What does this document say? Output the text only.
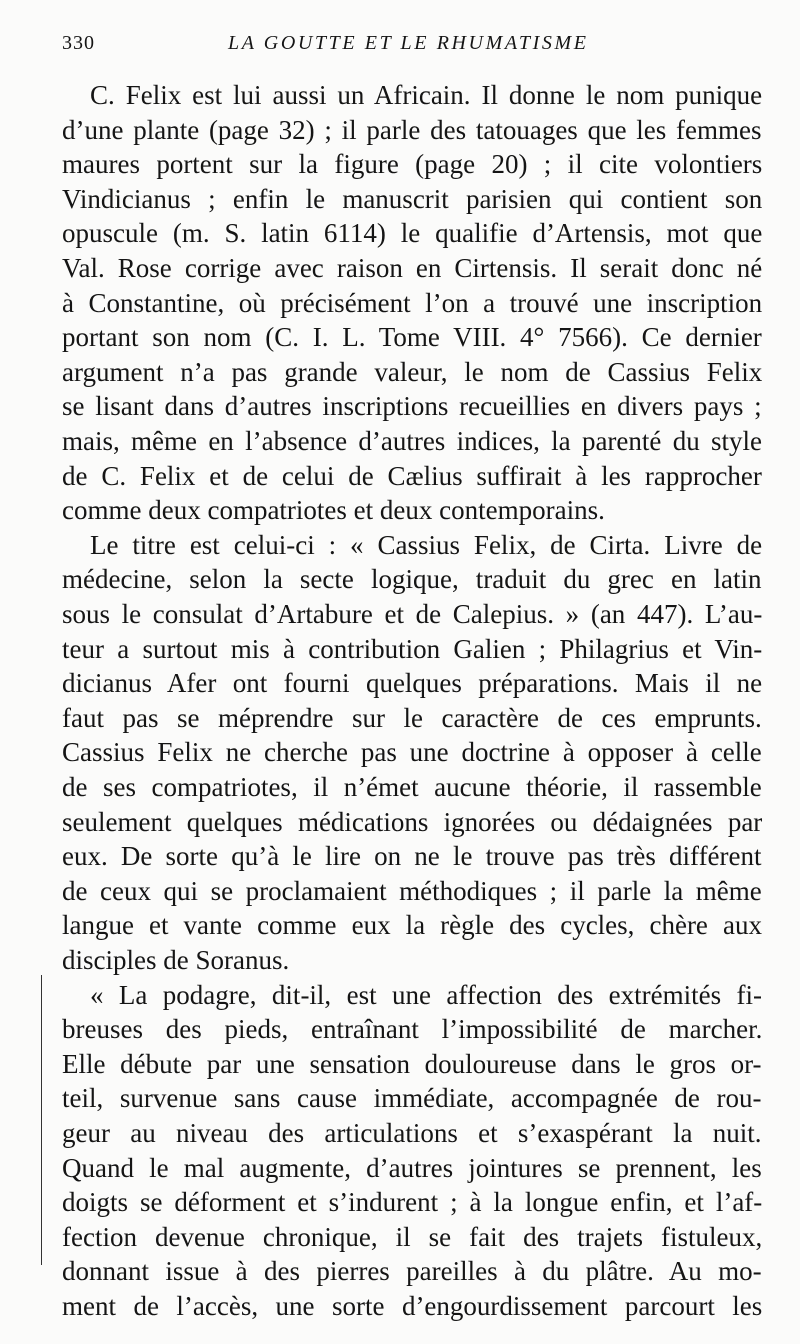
330	LA GOUTTE ET LE RHUMATISME
C. Felix est lui aussi un Africain. Il donne le nom punique
d’une plante (page 32) ; il parle des tatouages que les femmes
maures portent sur la figure (page 20) ; il cite volontiers
Vindicianus ; enfin le manuscrit parisien qui contient son
opuscule (m. S. latin 6114) le qualifie d’Artensis, mot que
Val. Rose corrige avec raison en Cirtensis. Il serait donc né
à Constantine, où précisément l’on a trouvé une inscription
portant son nom (C. I. L. Tome VIII. 4° 7566). Ce dernier
argument n’a pas grande valeur, le nom de Cassius Felix
se lisant dans d’autres inscriptions recueillies en divers pays ;
mais, même en l’absence d’autres indices, la parenté du style
de C. Felix et de celui de Cælius suffirait à les rapprocher
comme deux compatriotes et deux contemporains.
Le titre est celui-ci : « Cassius Felix, de Cirta. Livre de
médecine, selon la secte logique, traduit du grec en latin
sous le consulat d’Artabure et de Calepius. » (an 447). L’au-
teur a surtout mis à contribution Galien ; Philagrius et Vin-
dicianus Afer ont fourni quelques préparations. Mais il ne
faut pas se méprendre sur le caractère de ces emprunts.
Cassius Felix ne cherche pas une doctrine à opposer à celle
de ses compatriotes, il n’émet aucune théorie, il rassemble
seulement quelques médications ignorées ou dédaignées par
eux. De sorte qu’à le lire on ne le trouve pas très différent
de ceux qui se proclamaient méthodiques ; il parle la même
langue et vante comme eux la règle des cycles, chère aux
disciples de Soranus.
« La podagre, dit-il, est une affection des extrémités fi-
breuses des pieds, entraînant l’impossibilité de marcher.
Elle débute par une sensation douloureuse dans le gros or-
teil, survenue sans cause immédiate, accompagnée de rou-
geur au niveau des articulations et s’exaspérant la nuit.
Quand le mal augmente, d’autres jointures se prennent, les
doigts se déforment et s’indurent ; à la longue enfin, et l’af-
fection devenue chronique, il se fait des trajets fistuleux,
donnant issue à des pierres pareilles à du plâtre. Au mo-
ment de l’accès, une sorte d’engourdissement parcourt les
